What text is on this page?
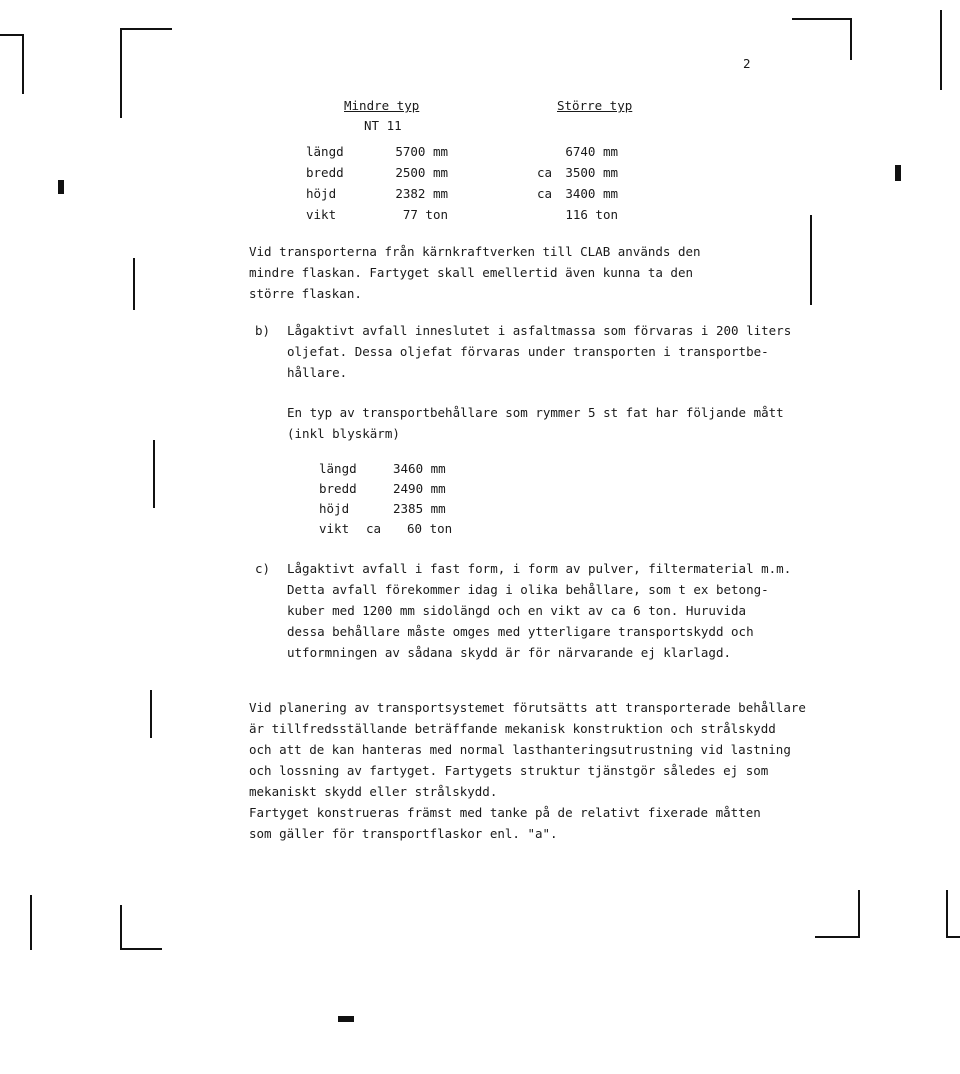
2
Mindre typ	Större typ
NT 11
längd	5700 mm	6740 mm
bredd	2500 mm	ca	3500 mm
höjd	2382 mm	ca	3400 mm
vikt	77 ton	116 ton
Vid transporterna från kärnkraftverken till CLAB används den
mindre flaskan. Fartyget skall emellertid även kunna ta den
större flaskan.
b) Lågaktivt avfall inneslutet i asfaltmassa som förvaras i 200 liters
oljefat. Dessa oljefat förvaras under transporten i transportbe-
hållare.
En typ av transportbehållare som rymmer 5 st fat har följande mått
(inkl blyskärm)
längd	3460 mm
bredd	2490 mm
höjd	2385 mm
vikt ca 60 ton
c) Lågaktivt avfall i fast form, i form av pulver, filtermaterial m.m.
Detta avfall förekommer idag i olika behållare, som t ex betong-
kuber med 1200 mm sidolängd och en vikt av ca 6 ton. Huruvida
dessa behållare måste omges med ytterligare transportskydd och
utformningen av sådana skydd är för närvarande ej klarlagd.
Vid planering av transportsystemet förutsätts att transporterade behållare
är tillfredsställande beträffande mekanisk konstruktion och strålskydd
och att de kan hanteras med normal lasthanteringsutrustning vid lastning
och lossning av fartyget. Fartygets struktur tjänstgör således ej som
mekaniskt skydd eller strålskydd.
Fartyget konstrueras främst med tanke på de relativt fixerade måtten
som gäller för transportflaskor enl. "a".
